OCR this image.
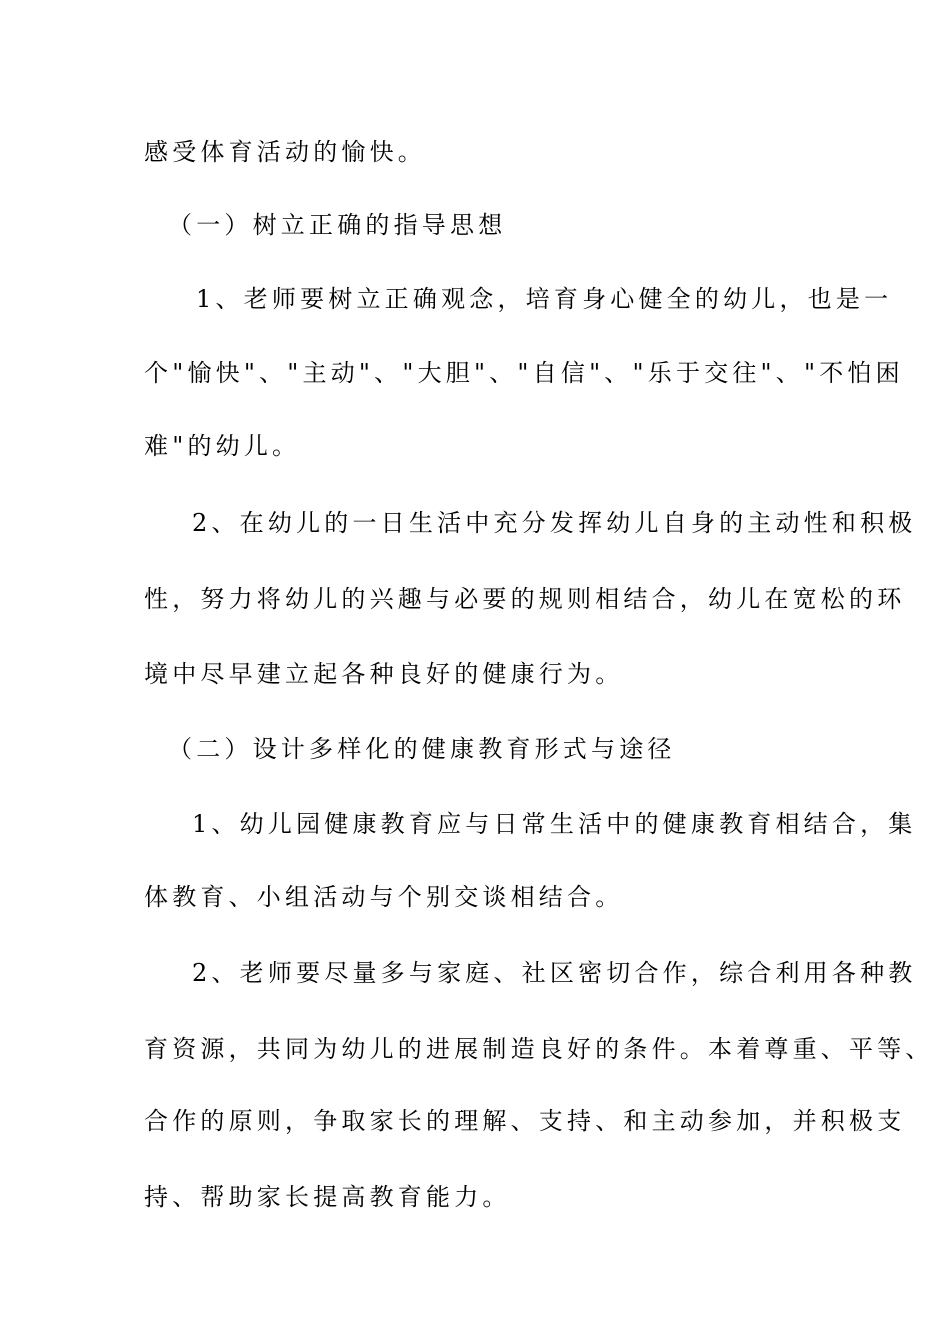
感受体育活动的愉快。
（一）树立正确的指导思想
1、老师要树立正确观念，培育身心健全的幼儿，也是一
个"愉快"、"主动"、"大胆"、"自信"、"乐于交往"、"不怕困
难"的幼儿。
2、在幼儿的一日生活中充分发挥幼儿自身的主动性和积极
性，努力将幼儿的兴趣与必要的规则相结合，幼儿在宽松的环
境中尽早建立起各种良好的健康行为。
（二）设计多样化的健康教育形式与途径
1、幼儿园健康教育应与日常生活中的健康教育相结合，集
体教育、小组活动与个别交谈相结合。
2、老师要尽量多与家庭、社区密切合作，综合利用各种教
育资源，共同为幼儿的进展制造良好的条件。本着尊重、平等、
合作的原则，争取家长的理解、支持、和主动参加，并积极支
持、帮助家长提高教育能力。
